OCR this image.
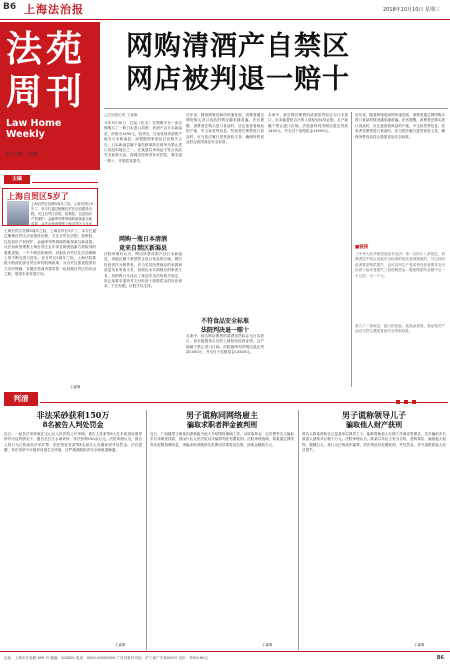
B6 上海法治报	2018年10月10日 星期三
法苑周刊
Law Home Weekly
本刊主编：王睿卿
网购清酒产自禁区
网店被判退一赔十
主编
上海自贸区5岁了
上海自贸区挂牌5周年之际，上海自贸区5岁了，本专栏通过梳理自贸区法治建设历程，关注自贸区法院、检察院，以及知识产权保护、金融审判等领域的新探索与新成果，从法治角度观察上海自贸区五年来
上海自贸区挂牌5周年之际，上海自贸区5岁了，本专栏通过梳理自贸区法治建设历程，关注自贸区法院、检察院，以及知识产权保护、金融审判等领域的新探索与新成果，从法治角度观察上海自贸区五年来在制度创新方面取得的重要进展。一个个鲜活的案例，折射出自贸区在法治保障上的不断完善与进步。在自贸区5周年之际，上海法院系统不断深化涉自贸区审判机制改革，为自贸区建设提供有力司法保障。本期法苑周刊将带您一起回顾自贸区的法治之路，展望未来发展方向。
王睿卿
□法治报记者 王睿卿
今年5月30日，汪某（化名）在网购平台一家店铺购买了一瓶日本进口清酒，该酒产自日本新潟县，价格为1450元。收货后，汪某发现该酒的产地为日本新潟县，而根据国家质检总局相关公告，日本新潟县属于福岛核事故后被列为禁止进口食品的地区之一，汪某遂以该商品不符合食品安全标准为由，将网店经营者诉至法院，要求退一赔十，并赔偿其损失。
网购一瓶日本清酒
竟来自禁区新潟县
法院审理后认为，网店所售清酒产自日本新潟县，该地区属于我国禁止进口食品的区域，网店经营者作为销售者，应当对其所售商品的来源和质量负有审查义务，但网店未尽到相应的审查义务，其销售行为违反了食品安全法的相关规定，故汪某要求退货并支付价款十倍赔偿金的诉讼请求，于法有据，法院予以支持。
近年来，随着跨境电商的快速发展，消费者通过网络购买进口食品的情况越来越普遍。法官提醒，消费者在购买进口食品时，应注意查看商品的产地、中文标签等信息；经营者在销售进口食品时，应当依法履行进货查验义务，确保所售食品符合我国食品安全标准。
不符食品安全标准
法院判决退一赔十
本案中，被告网店销售的清酒虽然标注为日本进口，但未能提供合法的入境检验检疫证明，且产地属于禁止进口区域。法院最终判决网店退还货款1450元，并支付十倍赔偿金14500元。
本案中，被告网店销售的清酒虽然标注为日本进口，但未能提供合法的入境检验检疫证明，且产地属于禁止进口区域。法院最终判决网店退还货款1450元，并支付十倍赔偿金14500元。
近年来，随着跨境电商的快速发展，消费者通过网络购买进口食品的情况越来越普遍。法官提醒，消费者在购买进口食品时，应注意查看商品的产地、中文标签等信息；经营者在销售进口食品时，应当依法履行进货查验义务，确保所售食品符合我国食品安全标准。
■链接
《中华人民共和国食品安全法》第一百四十八条规定，消费者因不符合食品安全标准的食品受到损害的，可以向经营者要求赔偿损失，也可以向生产者或者经营者要求支付价款十倍或者损失三倍的赔偿金；增加赔偿的金额不足一千元的，为一千元。
第九十二条规定，进口的食品、食品添加剂、食品相关产品应当符合我国食品安全国家标准。
判清
非法采砂获利150万
8名被告人判处罚金
近日，一起非法采砂案在宝山区人民法院公开审理。被告人张某等8人在未取得河道采砂许可证的情况下，擅自在长江水域采砂，非法获利150余万元。法院审理认为，被告人的行为已构成非法采矿罪，依法判处张某等8名被告人有期徒刑并处罚金。法官提醒，非法采砂不仅破坏河道生态环境，还严重威胁防洪安全和航道畅通。
王睿卿
男子谎称同网络雇主
骗取求职者押金被判刑
近日，广西籍男子黄某因谎称能为他人介绍网络兼职工作，以收取押金、会员费等名义骗取多名求职者钱款，被闵行区人民法院以诈骗罪判处有期徒刑。法院审理查明，黄某通过网络发布虚假招聘信息，诱骗求职者缴纳各类费用后即将其拉黑，涉案金额数万元。
王睿卿
男子谎称领导儿子
骗取他人财产获刑
被告人陈某谎称自己是某单位领导之子，能够帮助他人办理工作调动等事宜，先后骗取多名被害人财物共计数十万元。法院审理认为，陈某以非法占有为目的，虚构事实，骗取他人财物，数额巨大，其行为已构成诈骗罪，依法判处其有期徒刑，并处罚金，责令退赔被害人经济损失。
王睿卿
社址：上海市长寿路 899 号 邮编：200000 电话：0000-00000000 广告经营许可证：沪工商广字第000号 定价：每份0.80元	B6
